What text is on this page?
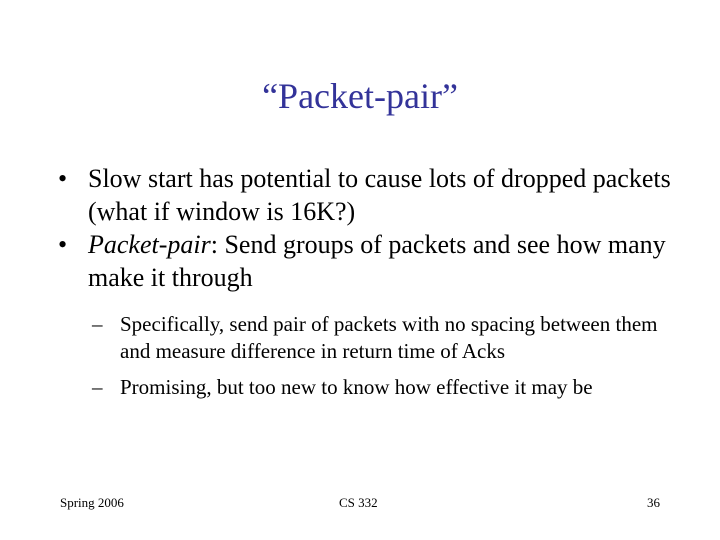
“Packet-pair”
• Slow start has potential to cause lots of dropped packets (what if window is 16K?)
• Packet-pair: Send groups of packets and see how many make it through
– Specifically, send pair of packets with no spacing between them and measure difference in return time of Acks
– Promising, but too new to know how effective it may be
Spring 2006	CS 332	36
